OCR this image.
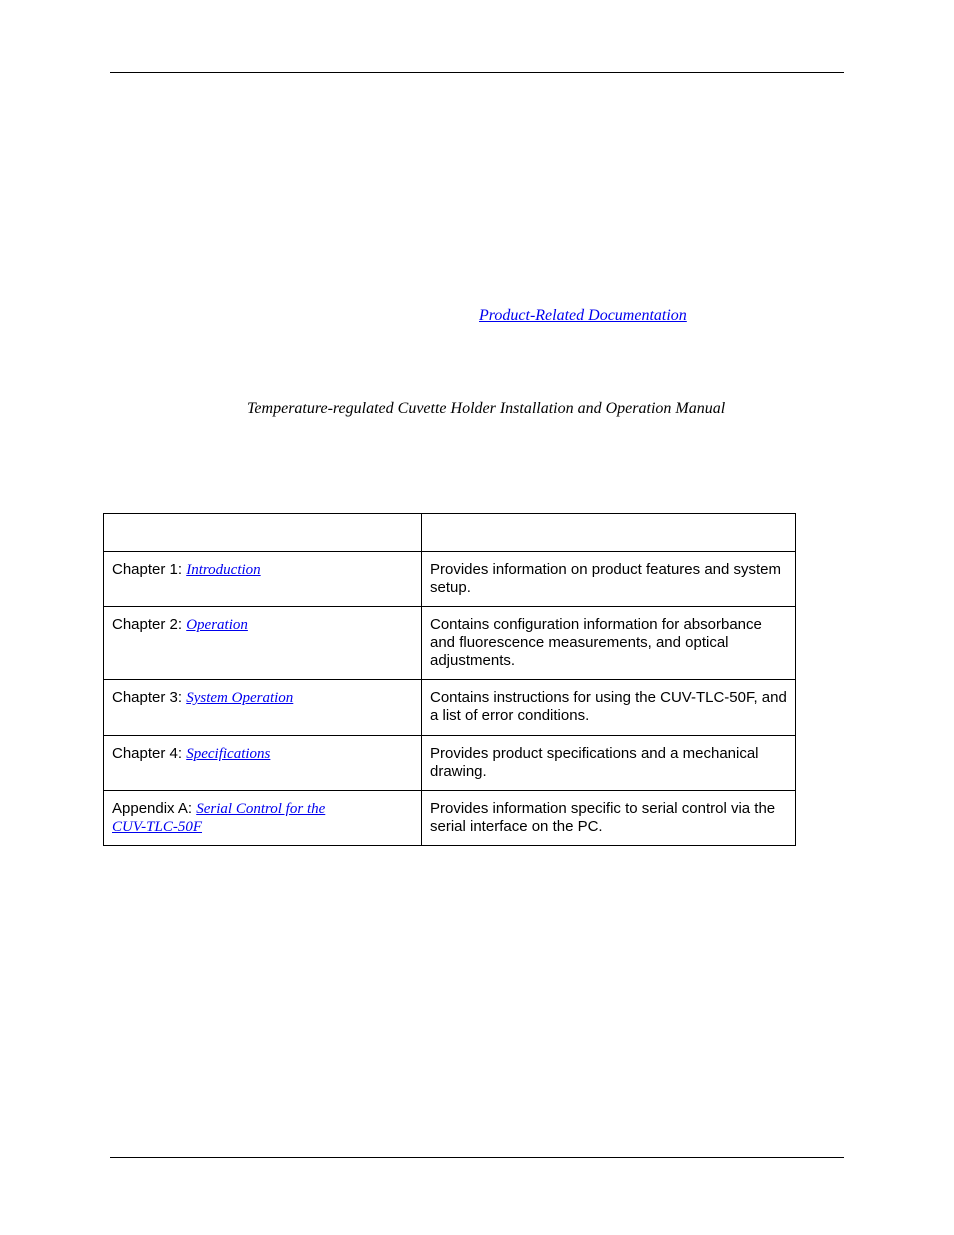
Product-Related Documentation
Temperature-regulated Cuvette Holder Installation and Operation Manual

Chapter 1: Introduction	Provides information on product features and system setup.
Chapter 2: Operation	Contains configuration information for absorbance and fluorescence measurements, and optical adjustments.
Chapter 3: System Operation	Contains instructions for using the CUV-TLC-50F, and a list of error conditions.
Chapter 4: Specifications	Provides product specifications and a mechanical drawing.
Appendix A: Serial Control for the
CUV-TLC-50F	Provides information specific to serial control via the serial interface on the PC.
